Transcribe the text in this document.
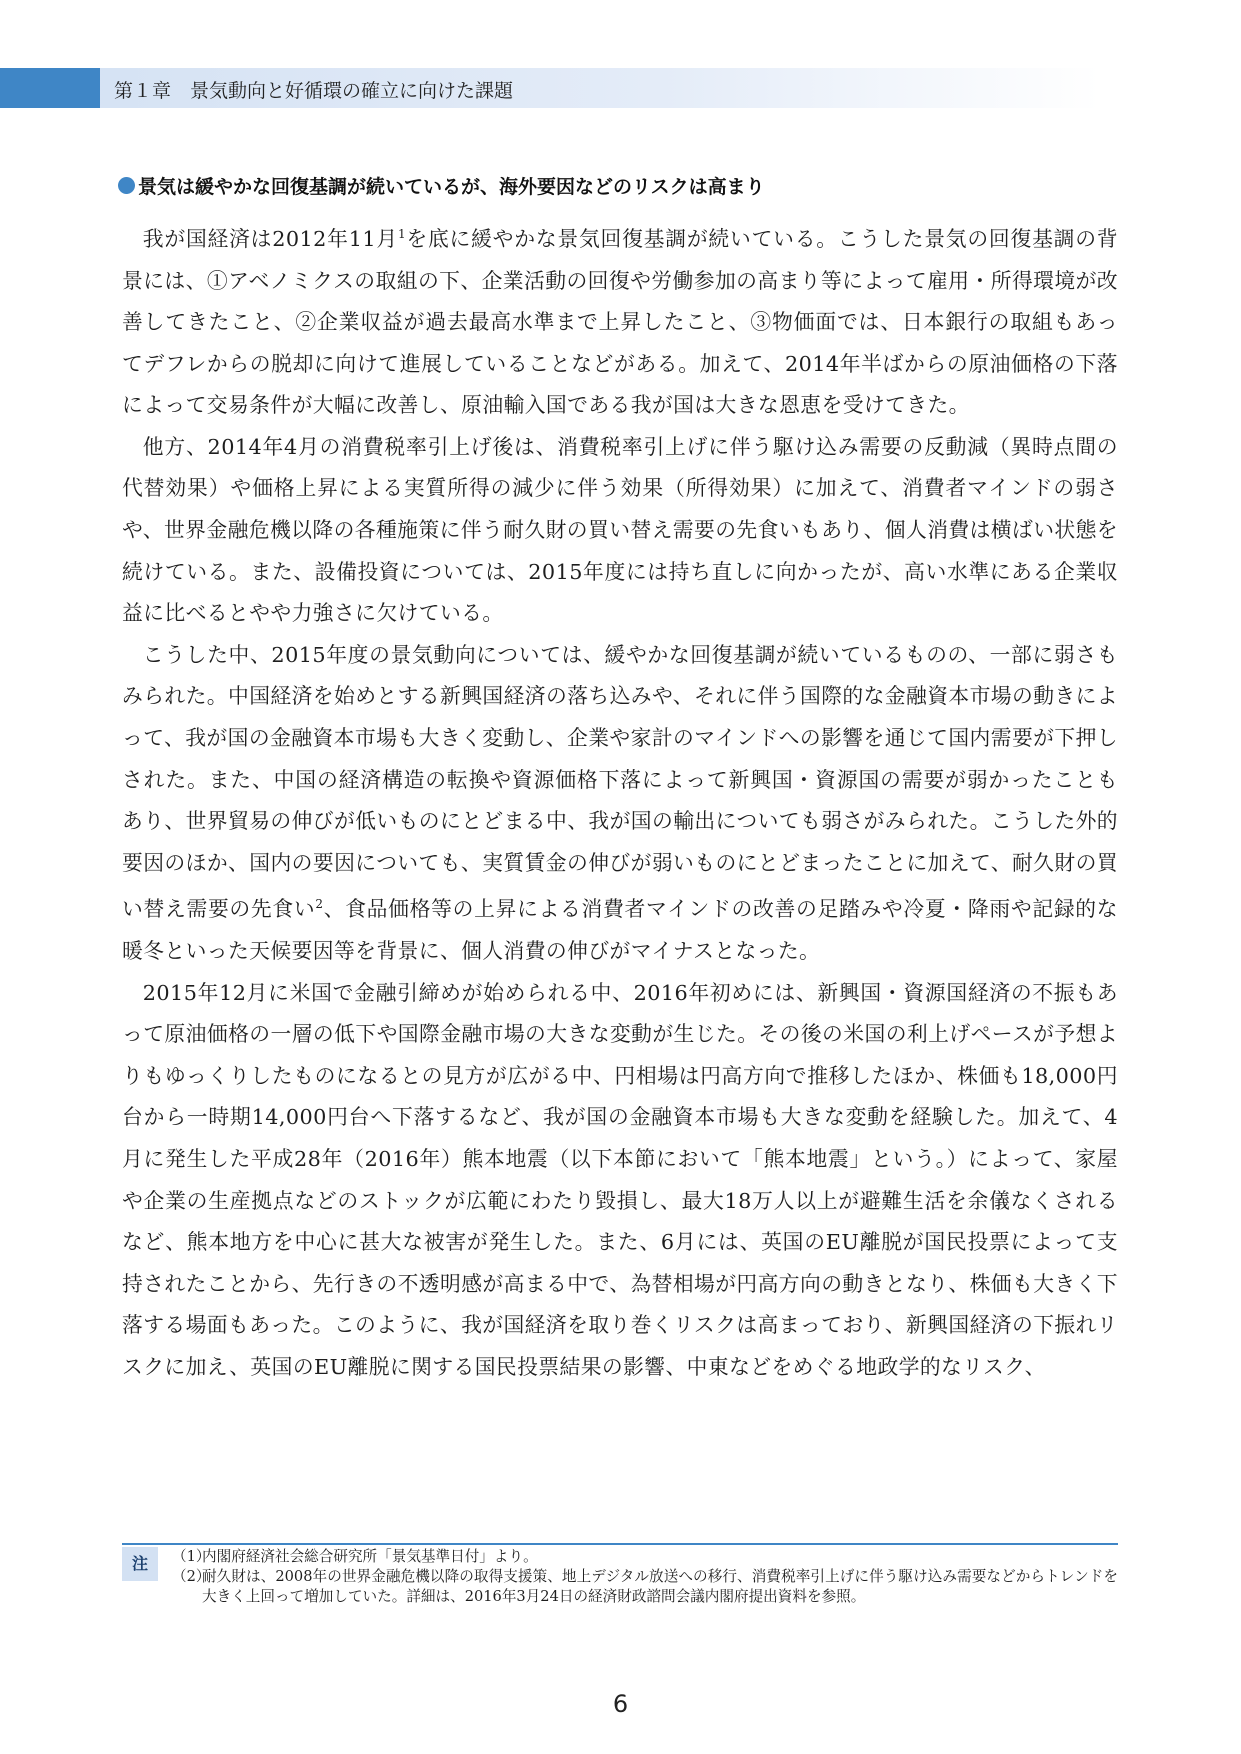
第１章　景気動向と好循環の確立に向けた課題
景気は緩やかな回復基調が続いているが、海外要因などのリスクは高まり

我が国経済は2012年11月$^1$を底に緩やかな景気回復基調が続いている。こうした景気の回復基調の背景には、①アベノミクスの取組の下、企業活動の回復や労働参加の高まり等によって雇用・所得環境が改善してきたこと、②企業収益が過去最高水準まで上昇したこと、③物価面では、日本銀行の取組もあってデフレからの脱却に向けて進展していることなどがある。加えて、2014年半ばからの原油価格の下落によって交易条件が大幅に改善し、原油輸入国である我が国は大きな恩恵を受けてきた。

他方、2014年4月の消費税率引上げ後は、消費税率引上げに伴う駆け込み需要の反動減（異時点間の代替効果）や価格上昇による実質所得の減少に伴う効果（所得効果）に加えて、消費者マインドの弱さや、世界金融危機以降の各種施策に伴う耐久財の買い替え需要の先食いもあり、個人消費は横ばい状態を続けている。また、設備投資については、2015年度には持ち直しに向かったが、高い水準にある企業収益に比べるとやや力強さに欠けている。

こうした中、2015年度の景気動向については、緩やかな回復基調が続いているものの、一部に弱さもみられた。中国経済を始めとする新興国経済の落ち込みや、それに伴う国際的な金融資本市場の動きによって、我が国の金融資本市場も大きく変動し、企業や家計のマインドへの影響を通じて国内需要が下押しされた。また、中国の経済構造の転換や資源価格下落によって新興国・資源国の需要が弱かったこともあり、世界貿易の伸びが低いものにとどまる中、我が国の輸出についても弱さがみられた。こうした外的要因のほか、国内の要因についても、実質賃金の伸びが弱いものにとどまったことに加えて、耐久財の買い替え需要の先食い$^2$、食品価格等の上昇による消費者マインドの改善の足踏みや冷夏・降雨や記録的な暖冬といった天候要因等を背景に、個人消費の伸びがマイナスとなった。

2015年12月に米国で金融引締めが始められる中、2016年初めには、新興国・資源国経済の不振もあって原油価格の一層の低下や国際金融市場の大きな変動が生じた。その後の米国の利上げペースが予想よりもゆっくりしたものになるとの見方が広がる中、円相場は円高方向で推移したほか、株価も18,000円台から一時期14,000円台へ下落するなど、我が国の金融資本市場も大きな変動を経験した。加えて、4月に発生した平成28年（2016年）熊本地震（以下本節において「熊本地震」という。）によって、家屋や企業の生産拠点などのストックが広範にわたり毀損し、最大18万人以上が避難生活を余儀なくされるなど、熊本地方を中心に甚大な被害が発生した。また、6月には、英国のEU離脱が国民投票によって支持されたことから、先行きの不透明感が高まる中で、為替相場が円高方向の動きとなり、株価も大きく下落する場面もあった。このように、我が国経済を取り巻くリスクは高まっており、新興国経済の下振れリスクに加え、英国のEU離脱に関する国民投票結果の影響、中東などをめぐる地政学的なリスク、

注	（1）
内閣府経済社会総合研究所「景気基準日付」より。
（2）
耐久財は、2008年の世界金融危機以降の取得支援策、地上デジタル放送への移行、消費税率引上げに伴う駆け込み需要などからトレンドを大きく上回って増加していた。詳細は、2016年3月24日の経済財政諮問会議内閣府提出資料を参照。
6
